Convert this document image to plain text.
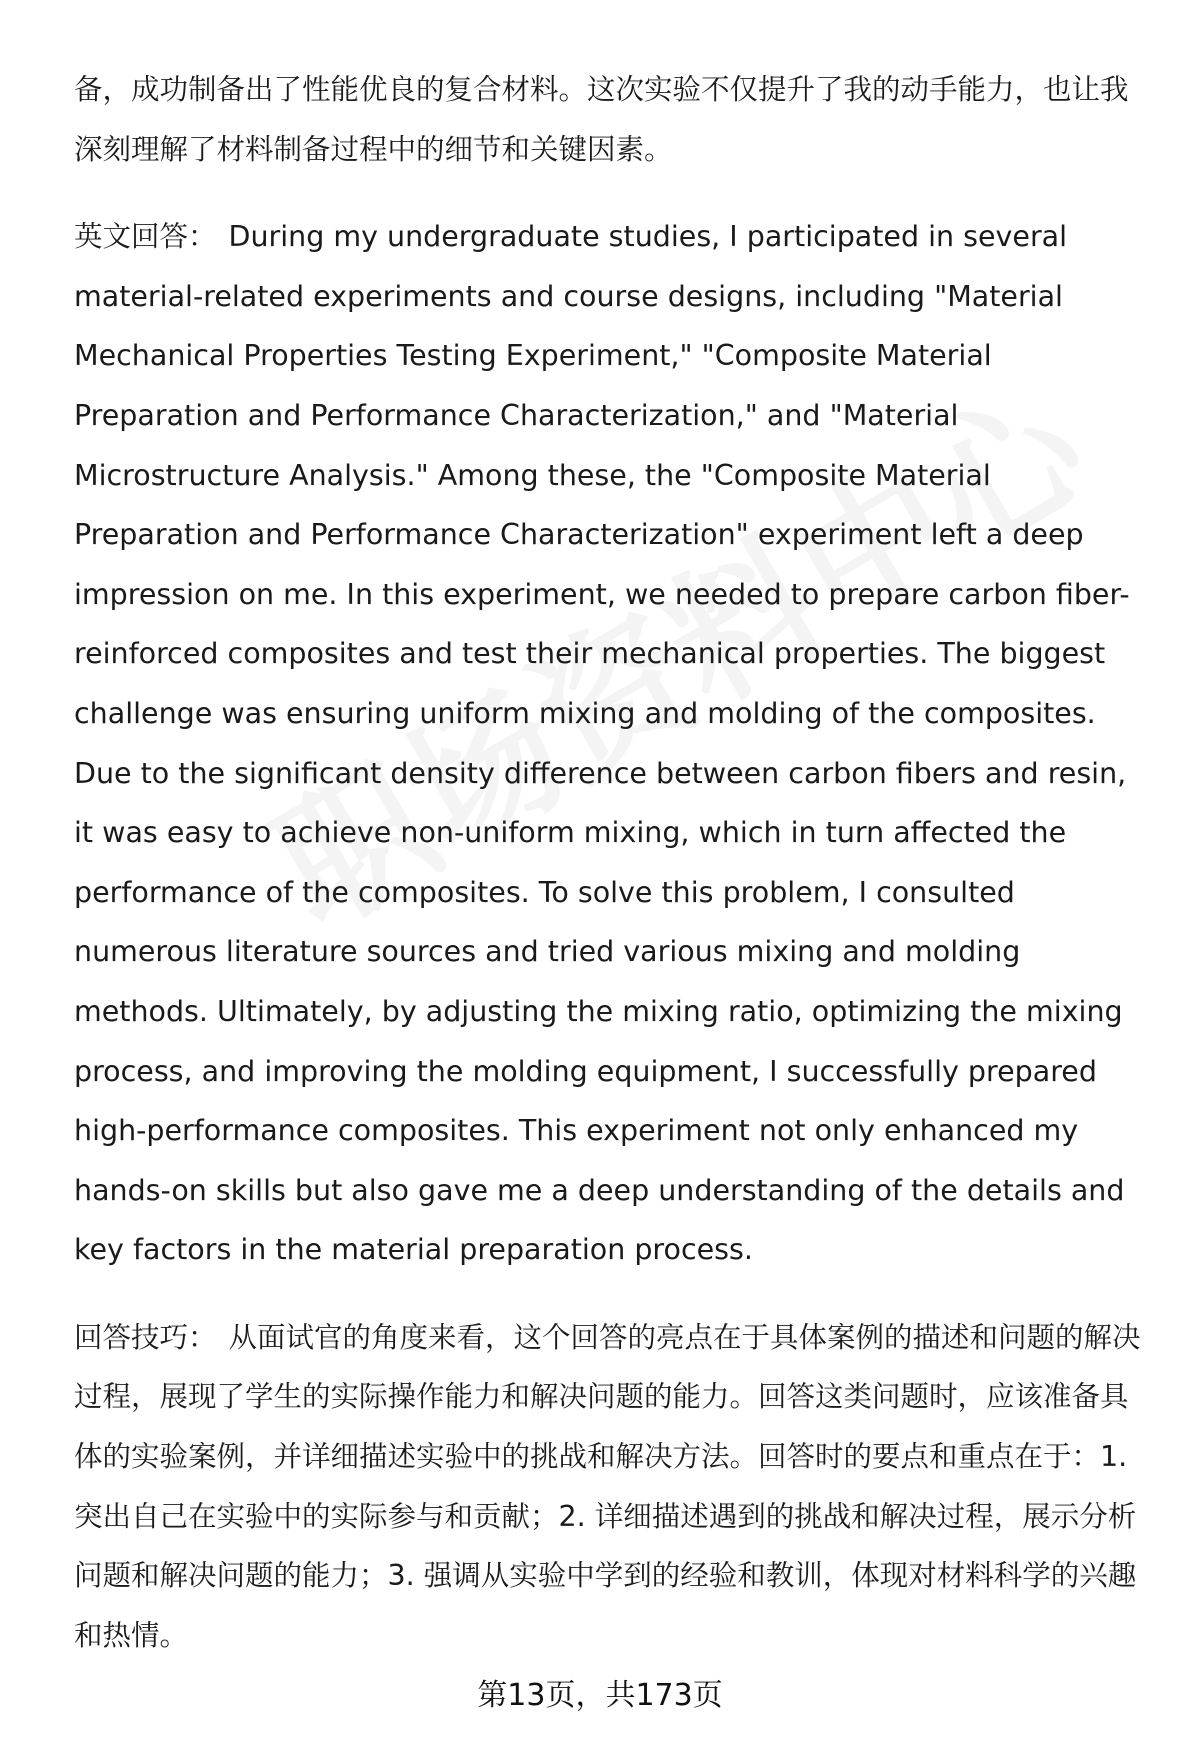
备，成功制备出了性能优良的复合材料。这次实验不仅提升了我的动手能力，也让我深刻理解了材料制备过程中的细节和关键因素。

英文回答： During my undergraduate studies, I participated in several material-related experiments and course designs, including "Material Mechanical Properties Testing Experiment," "Composite Material Preparation and Performance Characterization," and "Material Microstructure Analysis." Among these, the "Composite Material Preparation and Performance Characterization" experiment left a deep impression on me. In this experiment, we needed to prepare carbon fiber-reinforced composites and test their mechanical properties. The biggest challenge was ensuring uniform mixing and molding of the composites. Due to the significant density difference between carbon fibers and resin, it was easy to achieve non-uniform mixing, which in turn affected the performance of the composites. To solve this problem, I consulted numerous literature sources and tried various mixing and molding methods. Ultimately, by adjusting the mixing ratio, optimizing the mixing process, and improving the molding equipment, I successfully prepared high-performance composites. This experiment not only enhanced my hands-on skills but also gave me a deep understanding of the details and key factors in the material preparation process.

回答技巧： 从面试官的角度来看，这个回答的亮点在于具体案例的描述和问题的解决过程，展现了学生的实际操作能力和解决问题的能力。回答这类问题时，应该准备具体的实验案例，并详细描述实验中的挑战和解决方法。回答时的要点和重点在于：1. 突出自己在实验中的实际参与和贡献；2. 详细描述遇到的挑战和解决过程，展示分析问题和解决问题的能力；3. 强调从实验中学到的经验和教训，体现对材料科学的兴趣和热情。

第13页，共173页
